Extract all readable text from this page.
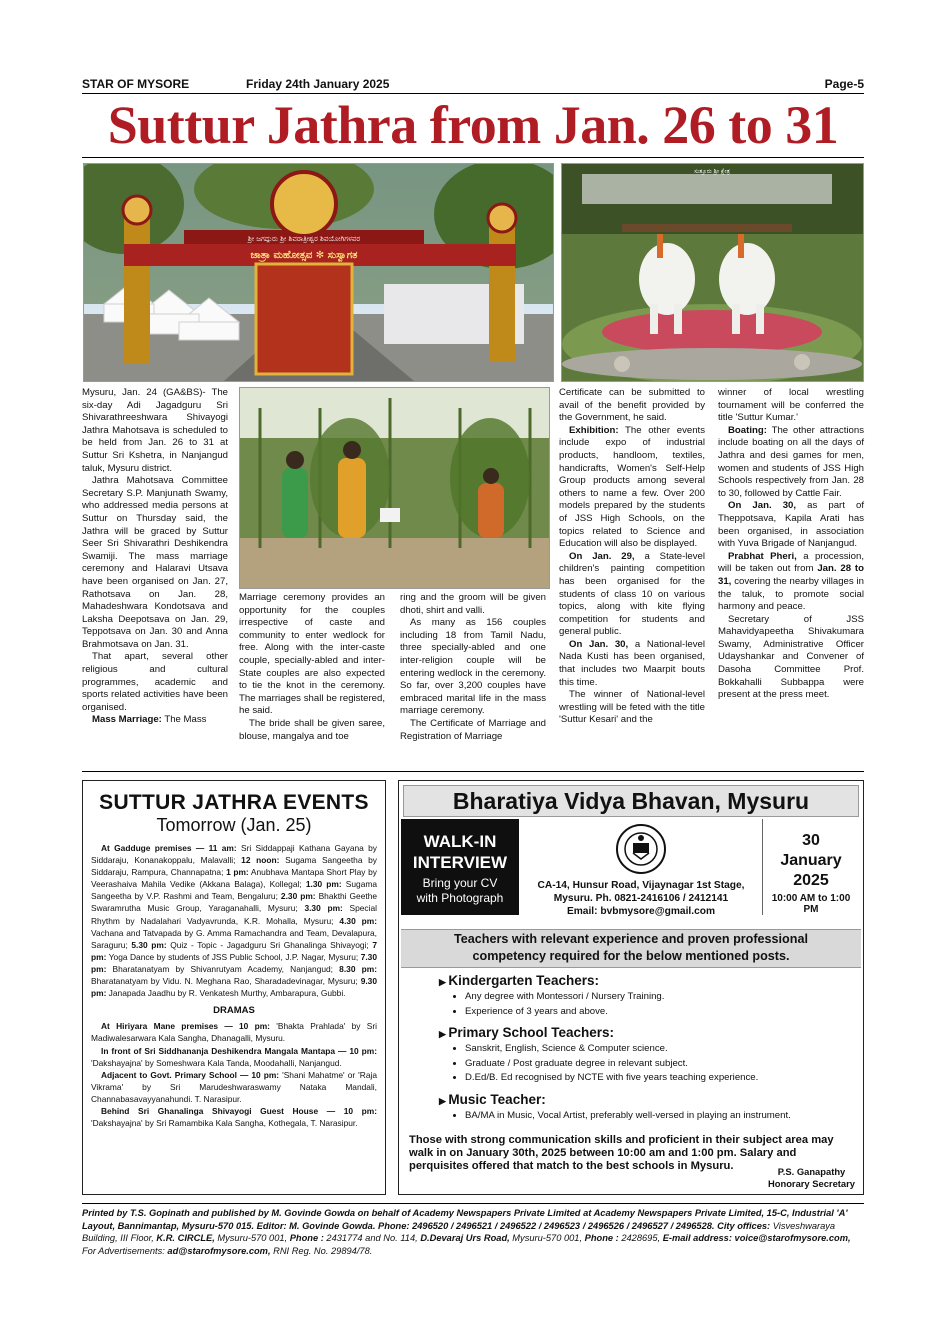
STAR OF MYSORE	Friday 24th January 2025	Page-5
Suttur Jathra from Jan. 26 to 31
ಜಾತ್ರಾ ಮಹೋತ್ಸವ ✻ ಸುಸ್ವಾಗತ
ಶ್ರೀ ಜಗದ್ಗುರು ಶ್ರೀ ಶಿವರಾತ್ರೀಶ್ವರ ಶಿವಯೋಗಿಗಳವರ
ಸುತ್ತೂರು ಶ್ರೀ ಕ್ಷೇತ್ರ

Mysuru, Jan. 24 (GA&BS)- The six-day Adi Jagadguru Sri Shivarathreeshwara Shivayogi Jathra Mahotsava is scheduled to be held from Jan. 26 to 31 at Suttur Sri Kshetra, in Nanjangud taluk, Mysuru district.

Jathra Mahotsava Committee Secretary S.P. Manjunath Swamy, who addressed media persons at Suttur on Thursday said, the Jathra will be graced by Suttur Seer Sri Shivarathri Deshikendra Swamiji. The mass marriage ceremony and Halaravi Utsava have been organised on Jan. 27, Rathotsava on Jan. 28, Mahadeshwara Kondotsava and Laksha Deepotsava on Jan. 29, Teppotsava on Jan. 30 and Anna Brahmotsava on Jan. 31.

That apart, several other religious and cultural programmes, academic and sports related activities have been organised.

Mass Marriage: The Mass

Marriage ceremony provides an opportunity for the couples irrespective of caste and community to enter wedlock for free. Along with the inter-caste couple, specially-abled and inter-State couples are also expected to tie the knot in the ceremony. The marriages shall be registered, he said.

The bride shall be given saree, blouse, mangalya and toe

ring and the groom will be given dhoti, shirt and valli.

As many as 156 couples including 18 from Tamil Nadu, three specially-abled and one inter-religion couple will be entering wedlock in the ceremony. So far, over 3,200 couples have embraced marital life in the mass marriage ceremony.

The Certificate of Marriage and Registration of Marriage

Certificate can be submitted to avail of the benefit provided by the Government, he said.

Exhibition: The other events include expo of industrial products, handloom, textiles, handicrafts, Women's Self-Help Group products among several others to name a few. Over 200 models prepared by the students of JSS High Schools, on the topics related to Science and Education will also be displayed.

On Jan. 29, a State-level children's painting competition has been organised for the students of class 10 on various topics, along with kite flying competition for students and general public.

On Jan. 30, a National-level Nada Kusti has been organised, that includes two Maarpit bouts this time.

The winner of National-level wrestling will be feted with the title 'Suttur Kesari' and the

winner of local wrestling tournament will be conferred the title 'Suttur Kumar.'

Boating: The other attractions include boating on all the days of Jathra and desi games for men, women and students of JSS High Schools respectively from Jan. 28 to 30, followed by Cattle Fair.

On Jan. 30, as part of Theppotsava, Kapila Arati has been organised, in association with Yuva Brigade of Nanjangud.

Prabhat Pheri, a procession, will be taken out from Jan. 28 to 31, covering the nearby villages in the taluk, to promote social harmony and peace.

Secretary of JSS Mahavidyapeetha Shivakumara Swamy, Administrative Officer Udayshankar and Convener of Dasoha Committee Prof. Bokkahalli Subbappa were present at the press meet.

SUTTUR JATHRA EVENTS
Tomorrow (Jan. 25)

At Gadduge premises — 11 am: Sri Siddappaji Kathana Gayana by Siddaraju, Konanakoppalu, Malavalli; 12 noon: Sugama Sangeetha by Siddaraju, Rampura, Channapatna; 1 pm: Anubhava Mantapa Short Play by Veerashaiva Mahila Vedike (Akkana Balaga), Kollegal; 1.30 pm: Sugama Sangeetha by V.P. Rashmi and Team, Bengaluru; 2.30 pm: Bhakthi Geethe Swaramrutha Music Group, Yaraganahalli, Mysuru; 3.30 pm: Special Rhythm by Nadalahari Vadyavrunda, K.R. Mohalla, Mysuru; 4.30 pm: Vachana and Tatvapada by G. Amma Ramachandra and Team, Devalapura, Saraguru; 5.30 pm: Quiz - Topic - Jagadguru Sri Ghanalinga Shivayogi; 7 pm: Yoga Dance by students of JSS Public School, J.P. Nagar, Mysuru; 7.30 pm: Bharatanatyam by Shivanrutyam Academy, Nanjangud; 8.30 pm: Bharatanatyam by Vidu. N. Meghana Rao, Sharadadevinagar, Mysuru; 9.30 pm: Janapada Jaadhu by R. Venkatesh Murthy, Ambarapura, Gubbi.

DRAMAS

At Hiriyara Mane premises — 10 pm: 'Bhakta Prahlada' by Sri Madiwalesarwara Kala Sangha, Dhanagalli, Mysuru.

In front of Sri Siddhananja Deshikendra Mangala Mantapa — 10 pm: 'Dakshayajna' by Someshwara Kala Tanda, Moodahalli, Nanjangud.

Adjacent to Govt. Primary School — 10 pm: 'Shani Mahatme' or 'Raja Vikrama' by Sri Marudeshwaraswamy Nataka Mandali, Channabasavayyanahundi. T. Narasipur.

Behind Sri Ghanalinga Shivayogi Guest House — 10 pm: 'Dakshayajna' by Sri Ramambika Kala Sangha, Kothegala, T. Narasipur.

Bharatiya Vidya Bhavan, Mysuru
WALK-IN
INTERVIEW
Bring your CV
with Photograph
CA-14, Hunsur Road, Vijaynagar 1st Stage,
Mysuru. Ph. 0821-2416106 / 2412141
Email: bvbmysore@gmail.com
30
January
2025
10:00 AM to 1:00 PM
Teachers with relevant experience and proven professional
competency required for the below mentioned posts.

▶ Kindergarten Teachers:

• Any degree with Montessori / Nursery Training.
• Experience of 3 years and above.

▶ Primary School Teachers:

• Sanskrit, English, Science & Computer science.
• Graduate / Post graduate degree in relevant subject.
• D.Ed/B. Ed recognised by NCTE with five years teaching experience.

▶ Music Teacher:

• BA/MA in Music, Vocal Artist, preferably well-versed in playing an instrument.
Those with strong communication skills and proficient in their subject area may walk in on January 30th, 2025 between 10:00 am and 1:00 pm. Salary and perquisites offered that match to the best schools in Mysuru.	P.S. Ganapathy
Honorary Secretary
Printed by T.S. Gopinath and published by M. Govinde Gowda on behalf of Academy Newspapers Private Limited at Academy Newspapers Private Limited, 15-C, Industrial 'A' Layout, Bannimantap, Mysuru-570 015. Editor: M. Govinde Gowda. Phone: 2496520 / 2496521 / 2496522 / 2496523 / 2496526 / 2496527 / 2496528. City offices: Visveshwaraya Building, III Floor, K.R. CIRCLE, Mysuru-570 001, Phone : 2431774 and No. 114, D.Devaraj Urs Road, Mysuru-570 001, Phone : 2428695, E-mail address: voice@starofmysore.com, For Advertisements: ad@starofmysore.com, RNI Reg. No. 29894/78.
